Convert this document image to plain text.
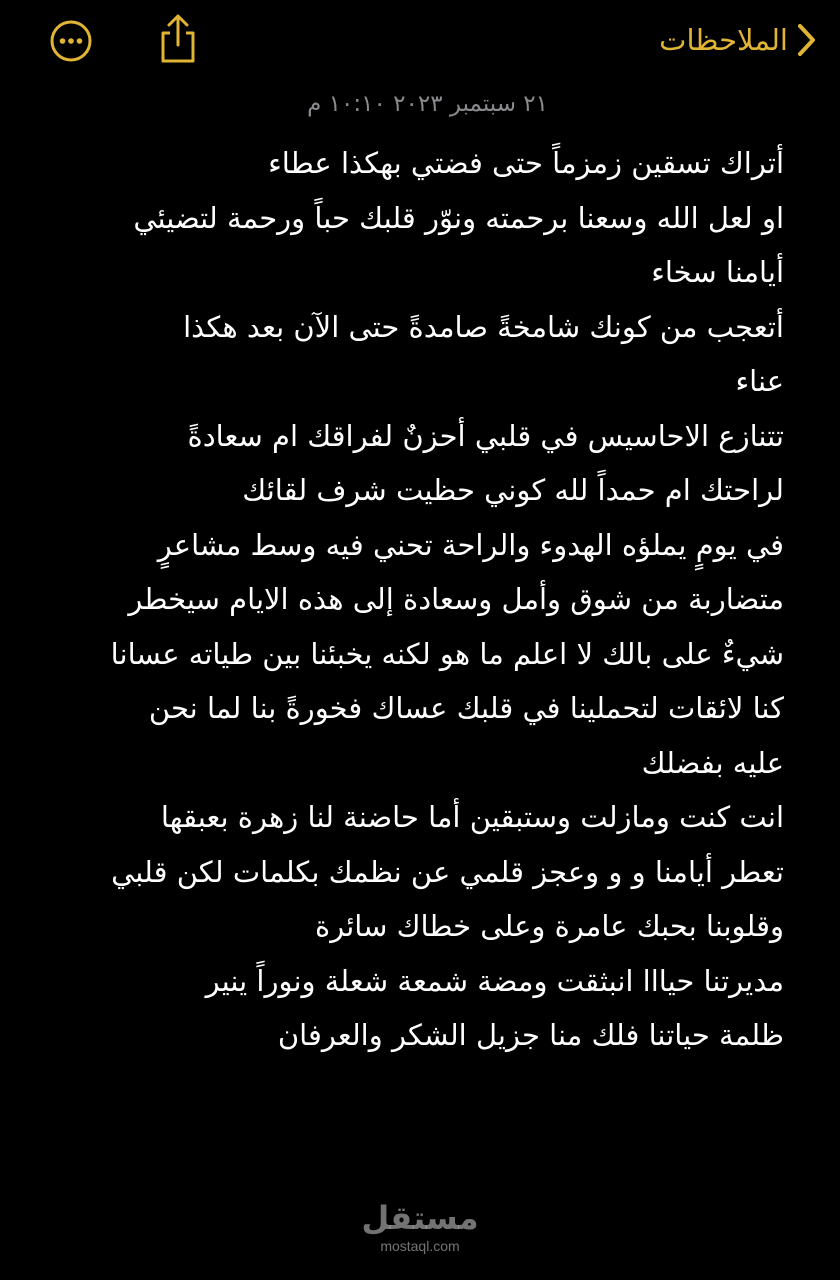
الملاحظات
٢١ سبتمبر ٢٠٢٣ ١٠:١٠ م
أتراك تسقين زمزماً حتى فضتي بهكذا عطاء
او لعل الله وسعنا برحمته ونوّر قلبك حباً ورحمة لتضيئي
أيامنا سخاء
أتعجب من كونك شامخةً صامدةً حتى الآن بعد هكذا
عناء
تتنازع الاحاسيس في قلبي أحزنٌ لفراقك ام سعادةً
لراحتك ام حمداً لله كوني حظيت شرف لقائك
في يومٍ يملؤه الهدوء والراحة تحني فيه وسط مشاعرٍ
متضاربة من شوق وأمل وسعادة إلى هذه الايام سيخطر
شيءٌ على بالك لا اعلم ما هو لكنه يخبئنا بين طياته عسانا
كنا لائقات لتحملينا في قلبك عساك فخورةً بنا لما نحن
عليه بفضلك
انت كنت ومازلت وستبقين أما حاضنة لنا زهرة بعبقها
تعطر أيامنا و و وعجز قلمي عن نظمك بكلمات لكن قلبي
وقلوبنا بحبك عامرة وعلى خطاك سائرة
مديرتنا حيااا انبثقت ومضة شمعة شعلة ونوراً ينير
ظلمة حياتنا فلك منا جزيل الشكر والعرفان
مستقل
mostaql.com
